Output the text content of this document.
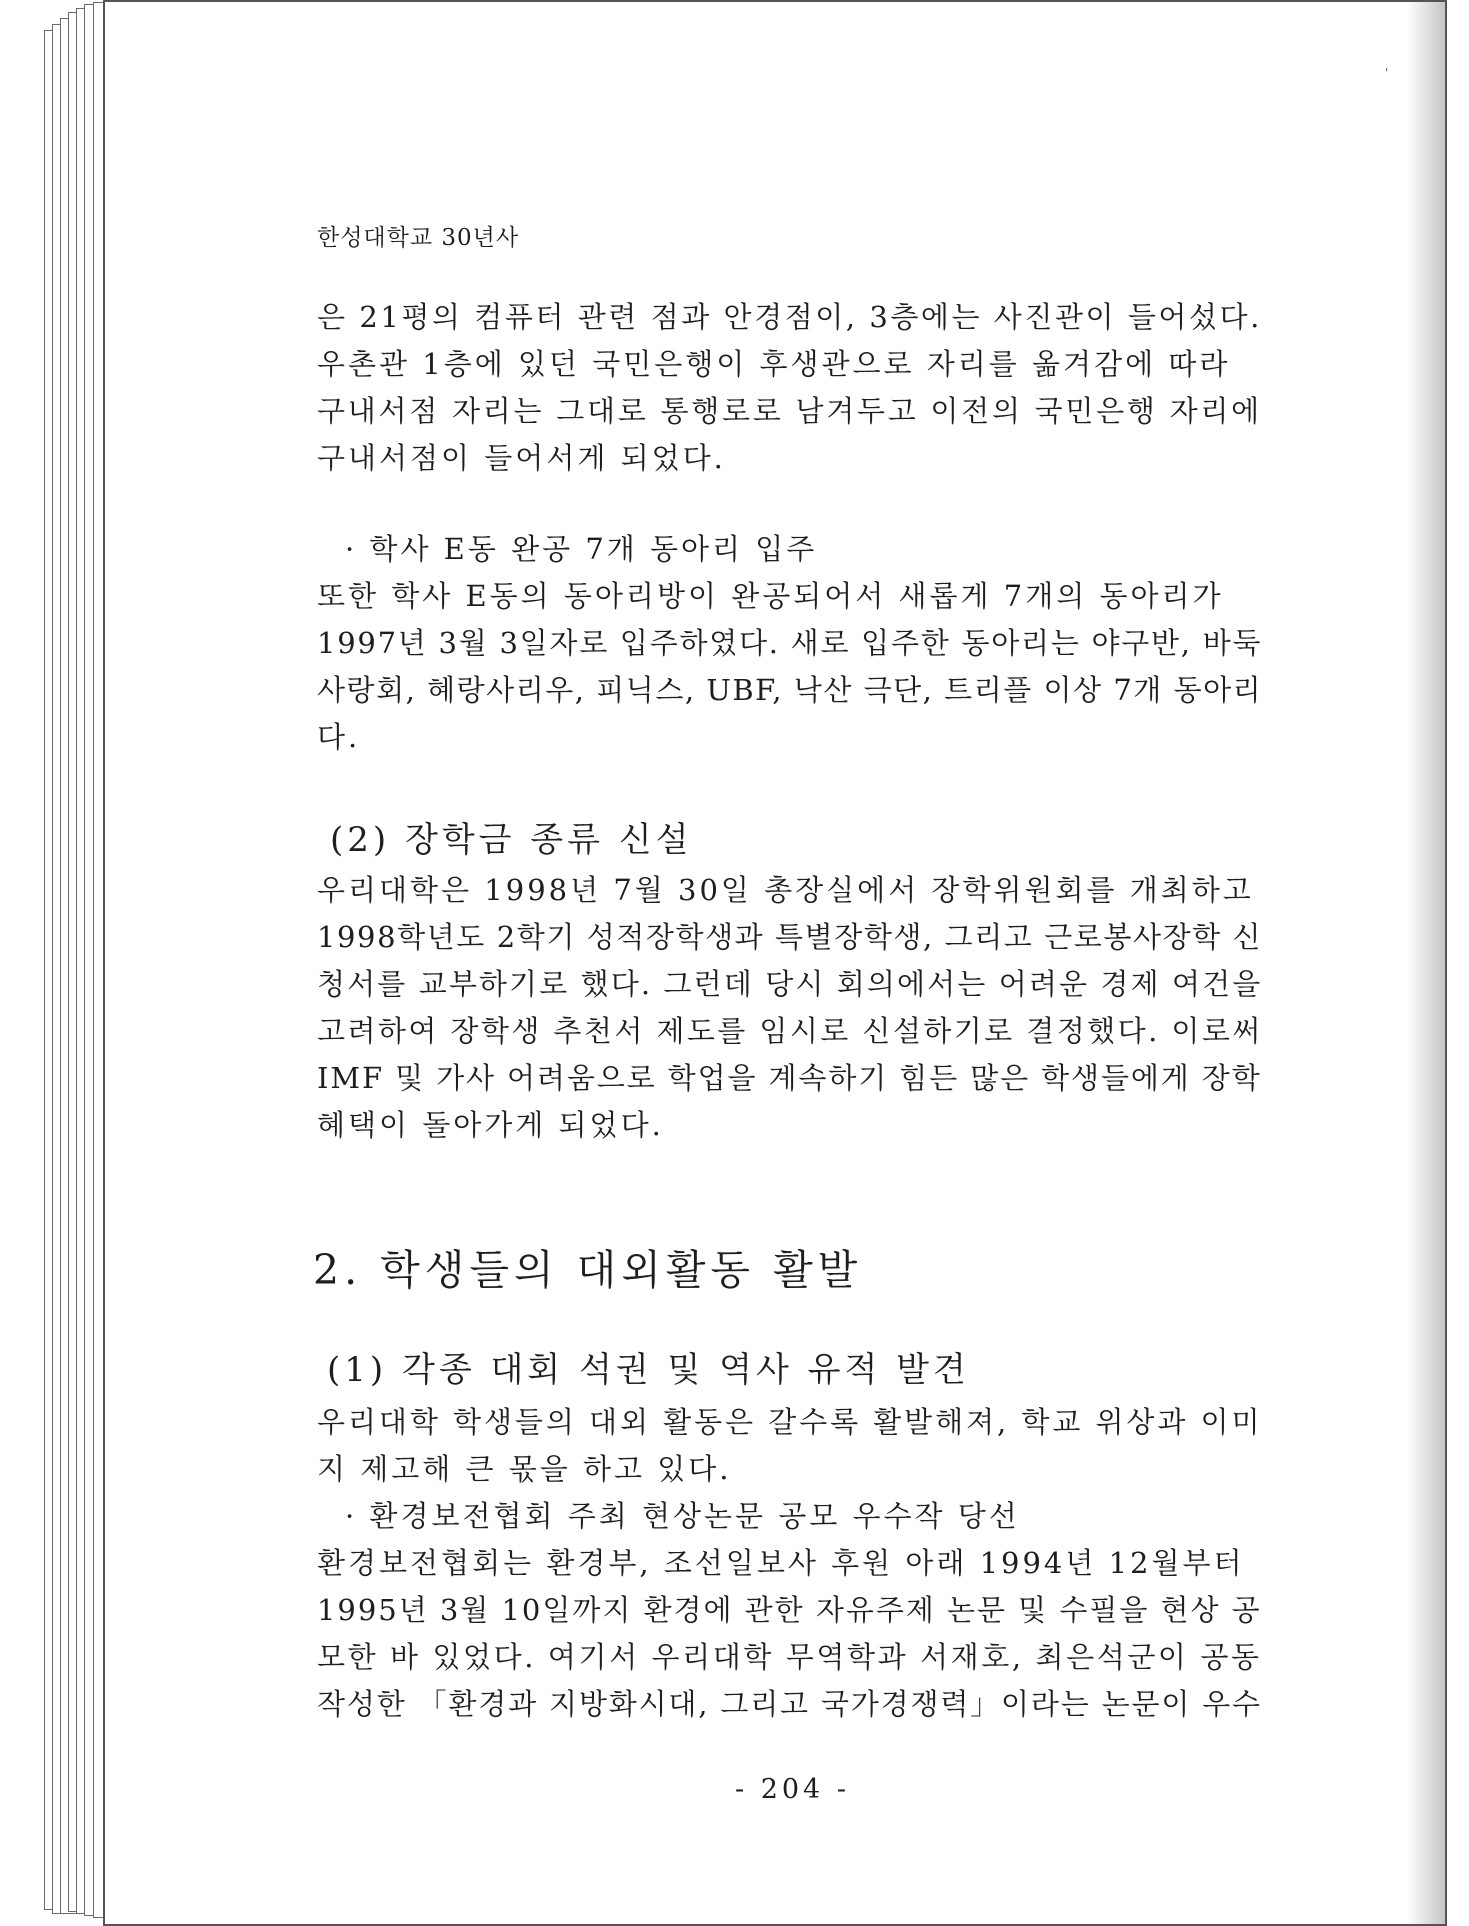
'
한성대학교 30년사
은 21평의 컴퓨터 관련 점과 안경점이, 3층에는 사진관이 들어섰다.
우촌관 1층에 있던 국민은행이 후생관으로 자리를 옮겨감에 따라
구내서점 자리는 그대로 통행로로 남겨두고 이전의 국민은행 자리에
구내서점이 들어서게 되었다.
· 학사 E동 완공 7개 동아리 입주
또한 학사 E동의 동아리방이 완공되어서 새롭게 7개의 동아리가
1997년 3월 3일자로 입주하였다. 새로 입주한 동아리는 야구반, 바둑
사랑회, 혜랑사리우, 피닉스, UBF, 낙산 극단, 트리플 이상 7개 동아리
다.
(2) 장학금 종류 신설
우리대학은 1998년 7월 30일 총장실에서 장학위원회를 개최하고
1998학년도 2학기 성적장학생과 특별장학생, 그리고 근로봉사장학 신
청서를 교부하기로 했다. 그런데 당시 회의에서는 어려운 경제 여건을
고려하여 장학생 추천서 제도를 임시로 신설하기로 결정했다. 이로써
IMF 및 가사 어려움으로 학업을 계속하기 힘든 많은 학생들에게 장학
혜택이 돌아가게 되었다.
2. 학생들의 대외활동 활발
(1) 각종 대회 석권 및 역사 유적 발견
우리대학 학생들의 대외 활동은 갈수록 활발해져, 학교 위상과 이미
지 제고해 큰 몫을 하고 있다.
· 환경보전협회 주최 현상논문 공모 우수작 당선
환경보전협회는 환경부, 조선일보사 후원 아래 1994년 12월부터
1995년 3월 10일까지 환경에 관한 자유주제 논문 및 수필을 현상 공
모한 바 있었다. 여기서 우리대학 무역학과 서재호, 최은석군이 공동
작성한 「환경과 지방화시대, 그리고 국가경쟁력」이라는 논문이 우수
- 204 -
